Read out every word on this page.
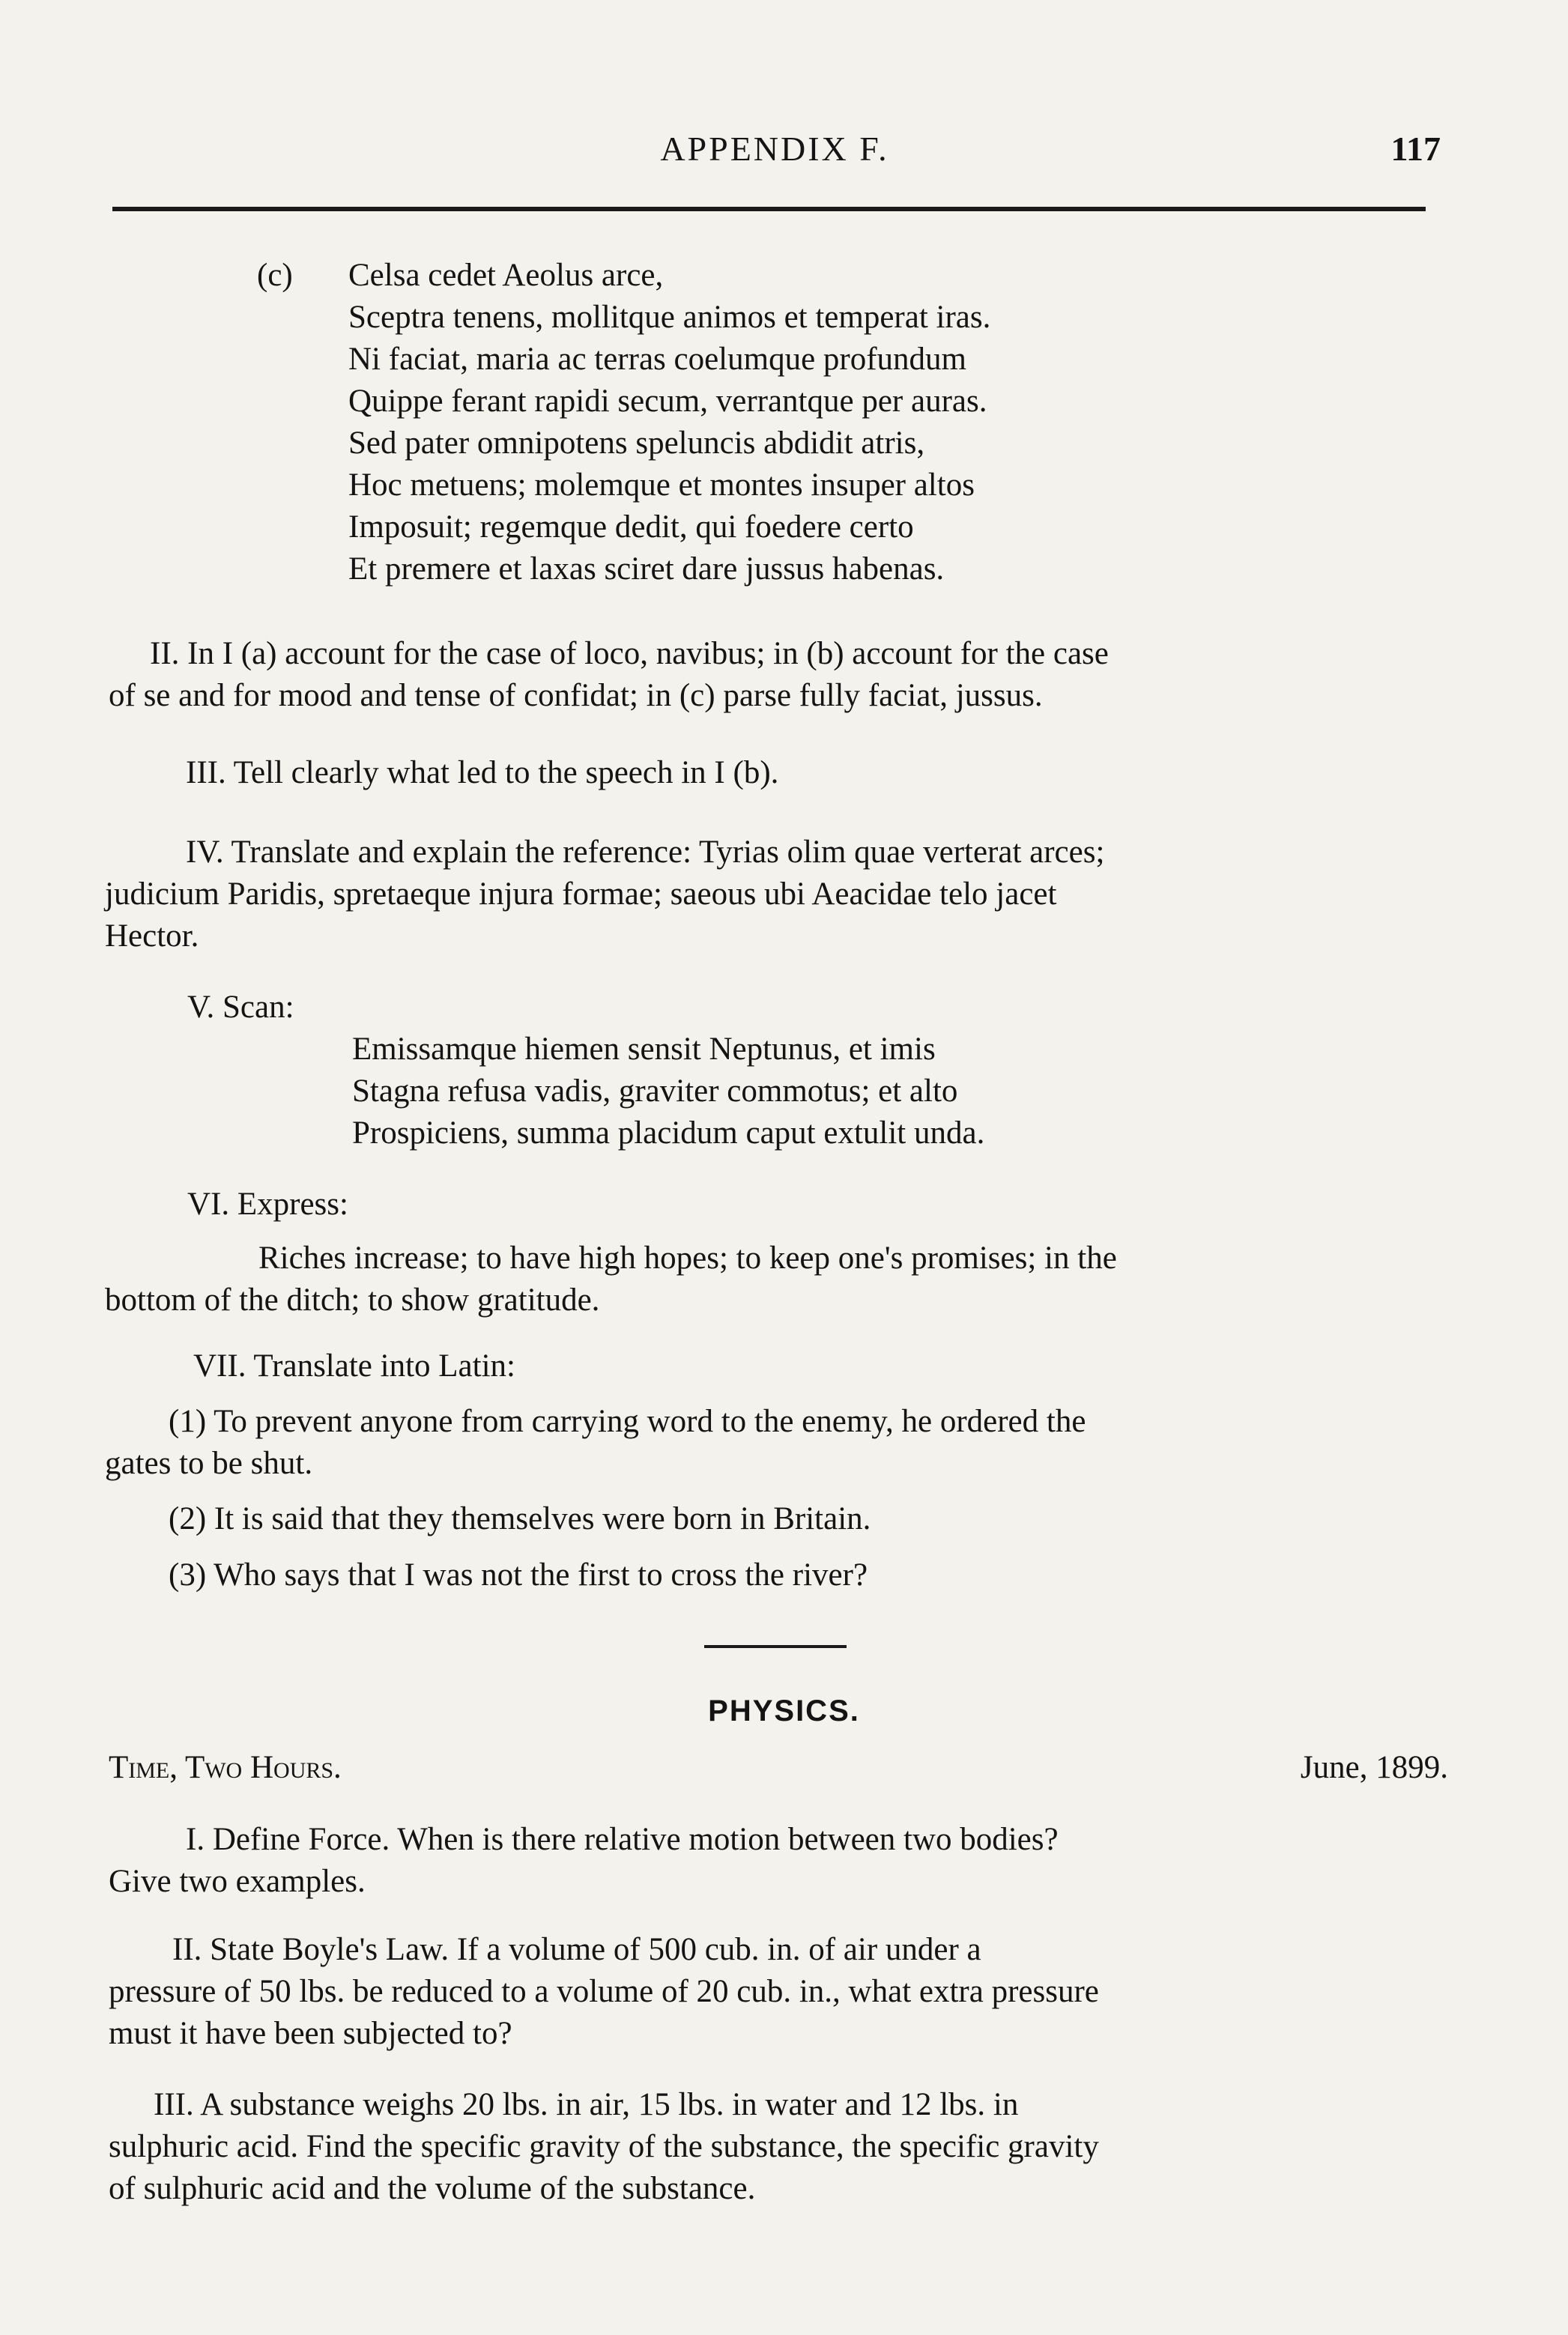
APPENDIX F.	117
(c) Celsa cedet Aeolus arce,
Sceptra tenens, mollitque animos et temperat iras.
Ni faciat, maria ac terras coelumque profundum
Quippe ferant rapidi secum, verrantque per auras.
Sed pater omnipotens speluncis abdidit atris,
Hoc metuens; molemque et montes insuper altos
Imposuit; regemque dedit, qui foedere certo
Et premere et laxas sciret dare jussus habenas.
II. In I (a) account for the case of loco, navibus; in (b) account for the case
of se and for mood and tense of confidat; in (c) parse fully faciat, jussus.
III. Tell clearly what led to the speech in I (b).
IV. Translate and explain the reference: Tyrias olim quae verterat arces;
judicium Paridis, spretaeque injura formae; saeous ubi Aeacidae telo jacet
Hector.
V. Scan:
Emissamque hiemen sensit Neptunus, et imis
Stagna refusa vadis, graviter commotus; et alto
Prospiciens, summa placidum caput extulit unda.
VI. Express:
Riches increase; to have high hopes; to keep one's promises; in the
bottom of the ditch; to show gratitude.
VII. Translate into Latin:
(1) To prevent anyone from carrying word to the enemy, he ordered the
gates to be shut.
(2) It is said that they themselves were born in Britain.
(3) Who says that I was not the first to cross the river?
PHYSICS.
Time, Two Hours.	June, 1899.
I. Define Force. When is there relative motion between two bodies?
Give two examples.
II. State Boyle's Law. If a volume of 500 cub. in. of air under a
pressure of 50 lbs. be reduced to a volume of 20 cub. in., what extra pressure
must it have been subjected to?
III. A substance weighs 20 lbs. in air, 15 lbs. in water and 12 lbs. in
sulphuric acid. Find the specific gravity of the substance, the specific gravity
of sulphuric acid and the volume of the substance.
